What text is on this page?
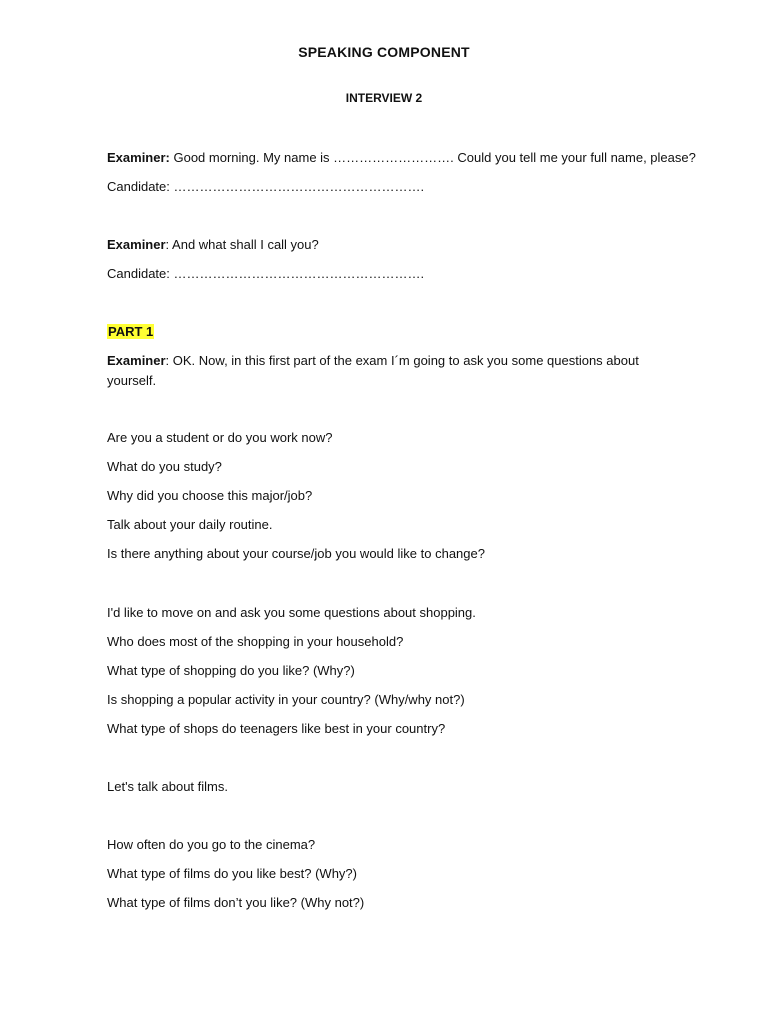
SPEAKING COMPONENT
INTERVIEW 2
Examiner: Good morning. My name is ………………………. Could you tell me your full name, please?
Candidate: ………………………………………………….
Examiner: And what shall I call you?
Candidate: ………………………………………………….
PART 1
Examiner: OK. Now, in this first part of the exam I´m going to ask you some questions about yourself.
Are you a student or do you work now?
What do you study?
Why did you choose this major/job?
Talk about your daily routine.
Is there anything about your course/job you would like to change?
I'd like to move on and ask you some questions about shopping.
Who does most of the shopping in your household?
What type of shopping do you like? (Why?)
Is shopping a popular activity in your country? (Why/why not?)
What type of shops do teenagers like best in your country?
Let's talk about films.
How often do you go to the cinema?
What type of films do you like best? (Why?)
What type of films don’t you like? (Why not?)
